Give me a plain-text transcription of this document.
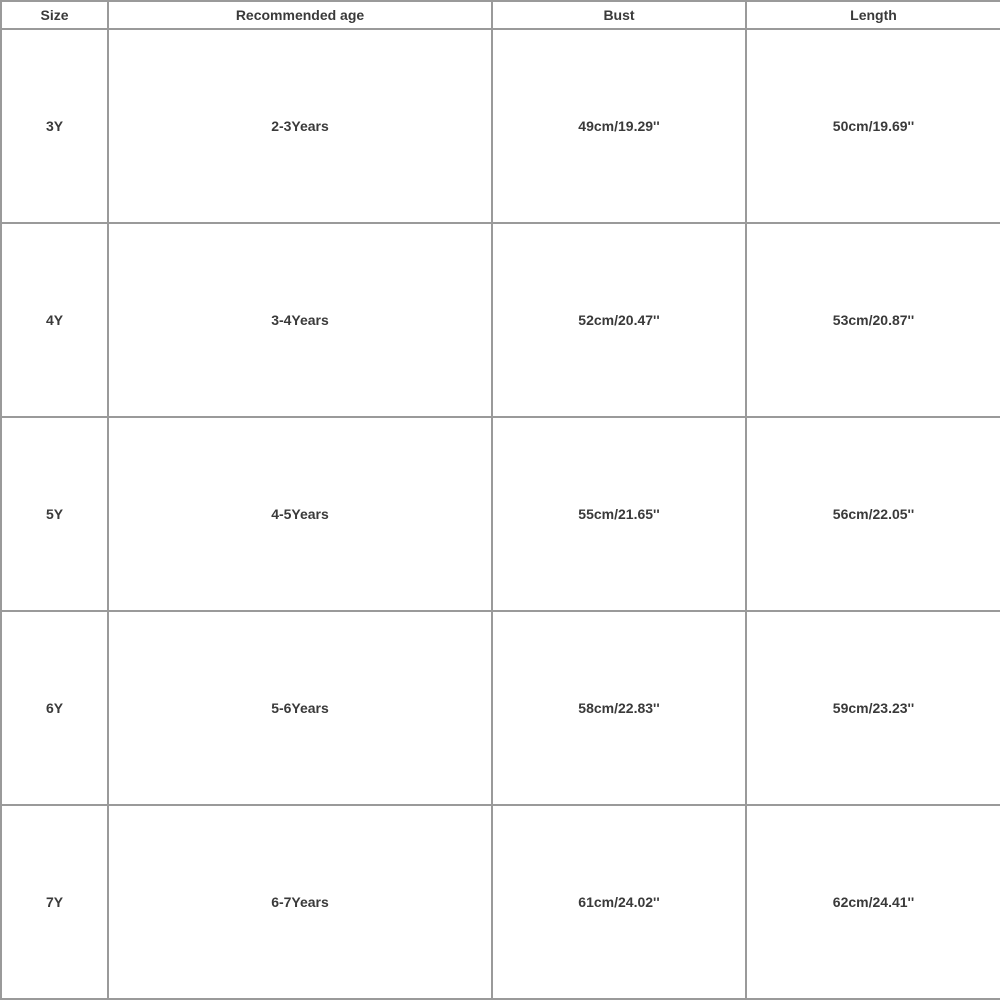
Size	Recommended age	Bust	Length
3Y	2-3Years	49cm/19.29''	50cm/19.69''
4Y	3-4Years	52cm/20.47''	53cm/20.87''
5Y	4-5Years	55cm/21.65''	56cm/22.05''
6Y	5-6Years	58cm/22.83''	59cm/23.23''
7Y	6-7Years	61cm/24.02''	62cm/24.41''
